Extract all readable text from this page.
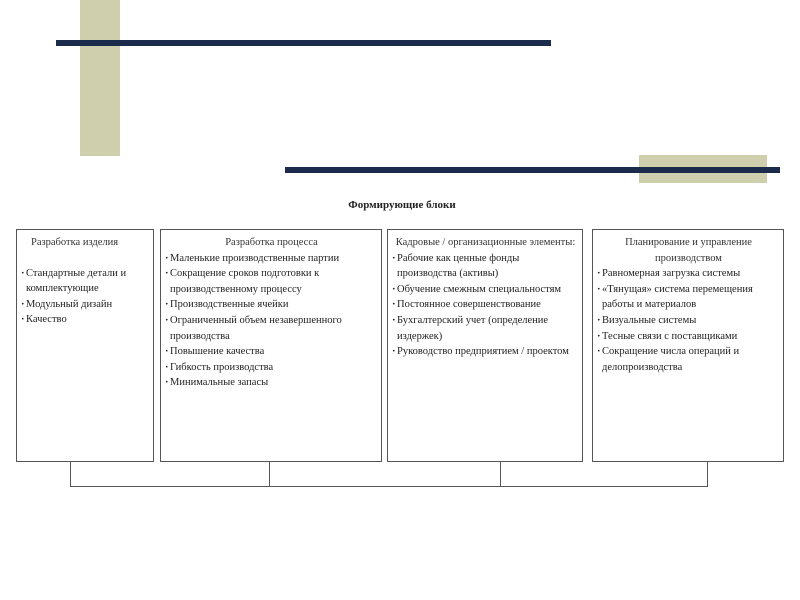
Формирующие блоки
Разработка изделия
· Стандартные детали и комплектующие
· Модульный дизайн
· Качество
Разработка процесса
· Маленькие производственные партии
· Сокращение сроков подготовки к производственному процессу
· Производственные ячейки
· Ограниченный объем незавершенного производства
· Повышение качества
· Гибкость производства
· Минимальные запасы
Кадровые / организационные элементы:
· Рабочие как ценные фонды производства (активы)
· Обучение смежным специальностям
· Постоянное совершенствование
· Бухгалтерский учет (определение издержек)
· Руководство предприятием / проектом
Планирование и управление производством
· Равномерная загрузка системы
· «Тянущая» система перемещения работы и материалов
· Визуальные системы
· Тесные связи с поставщиками
· Сокращение числа операций и делопроизводства
